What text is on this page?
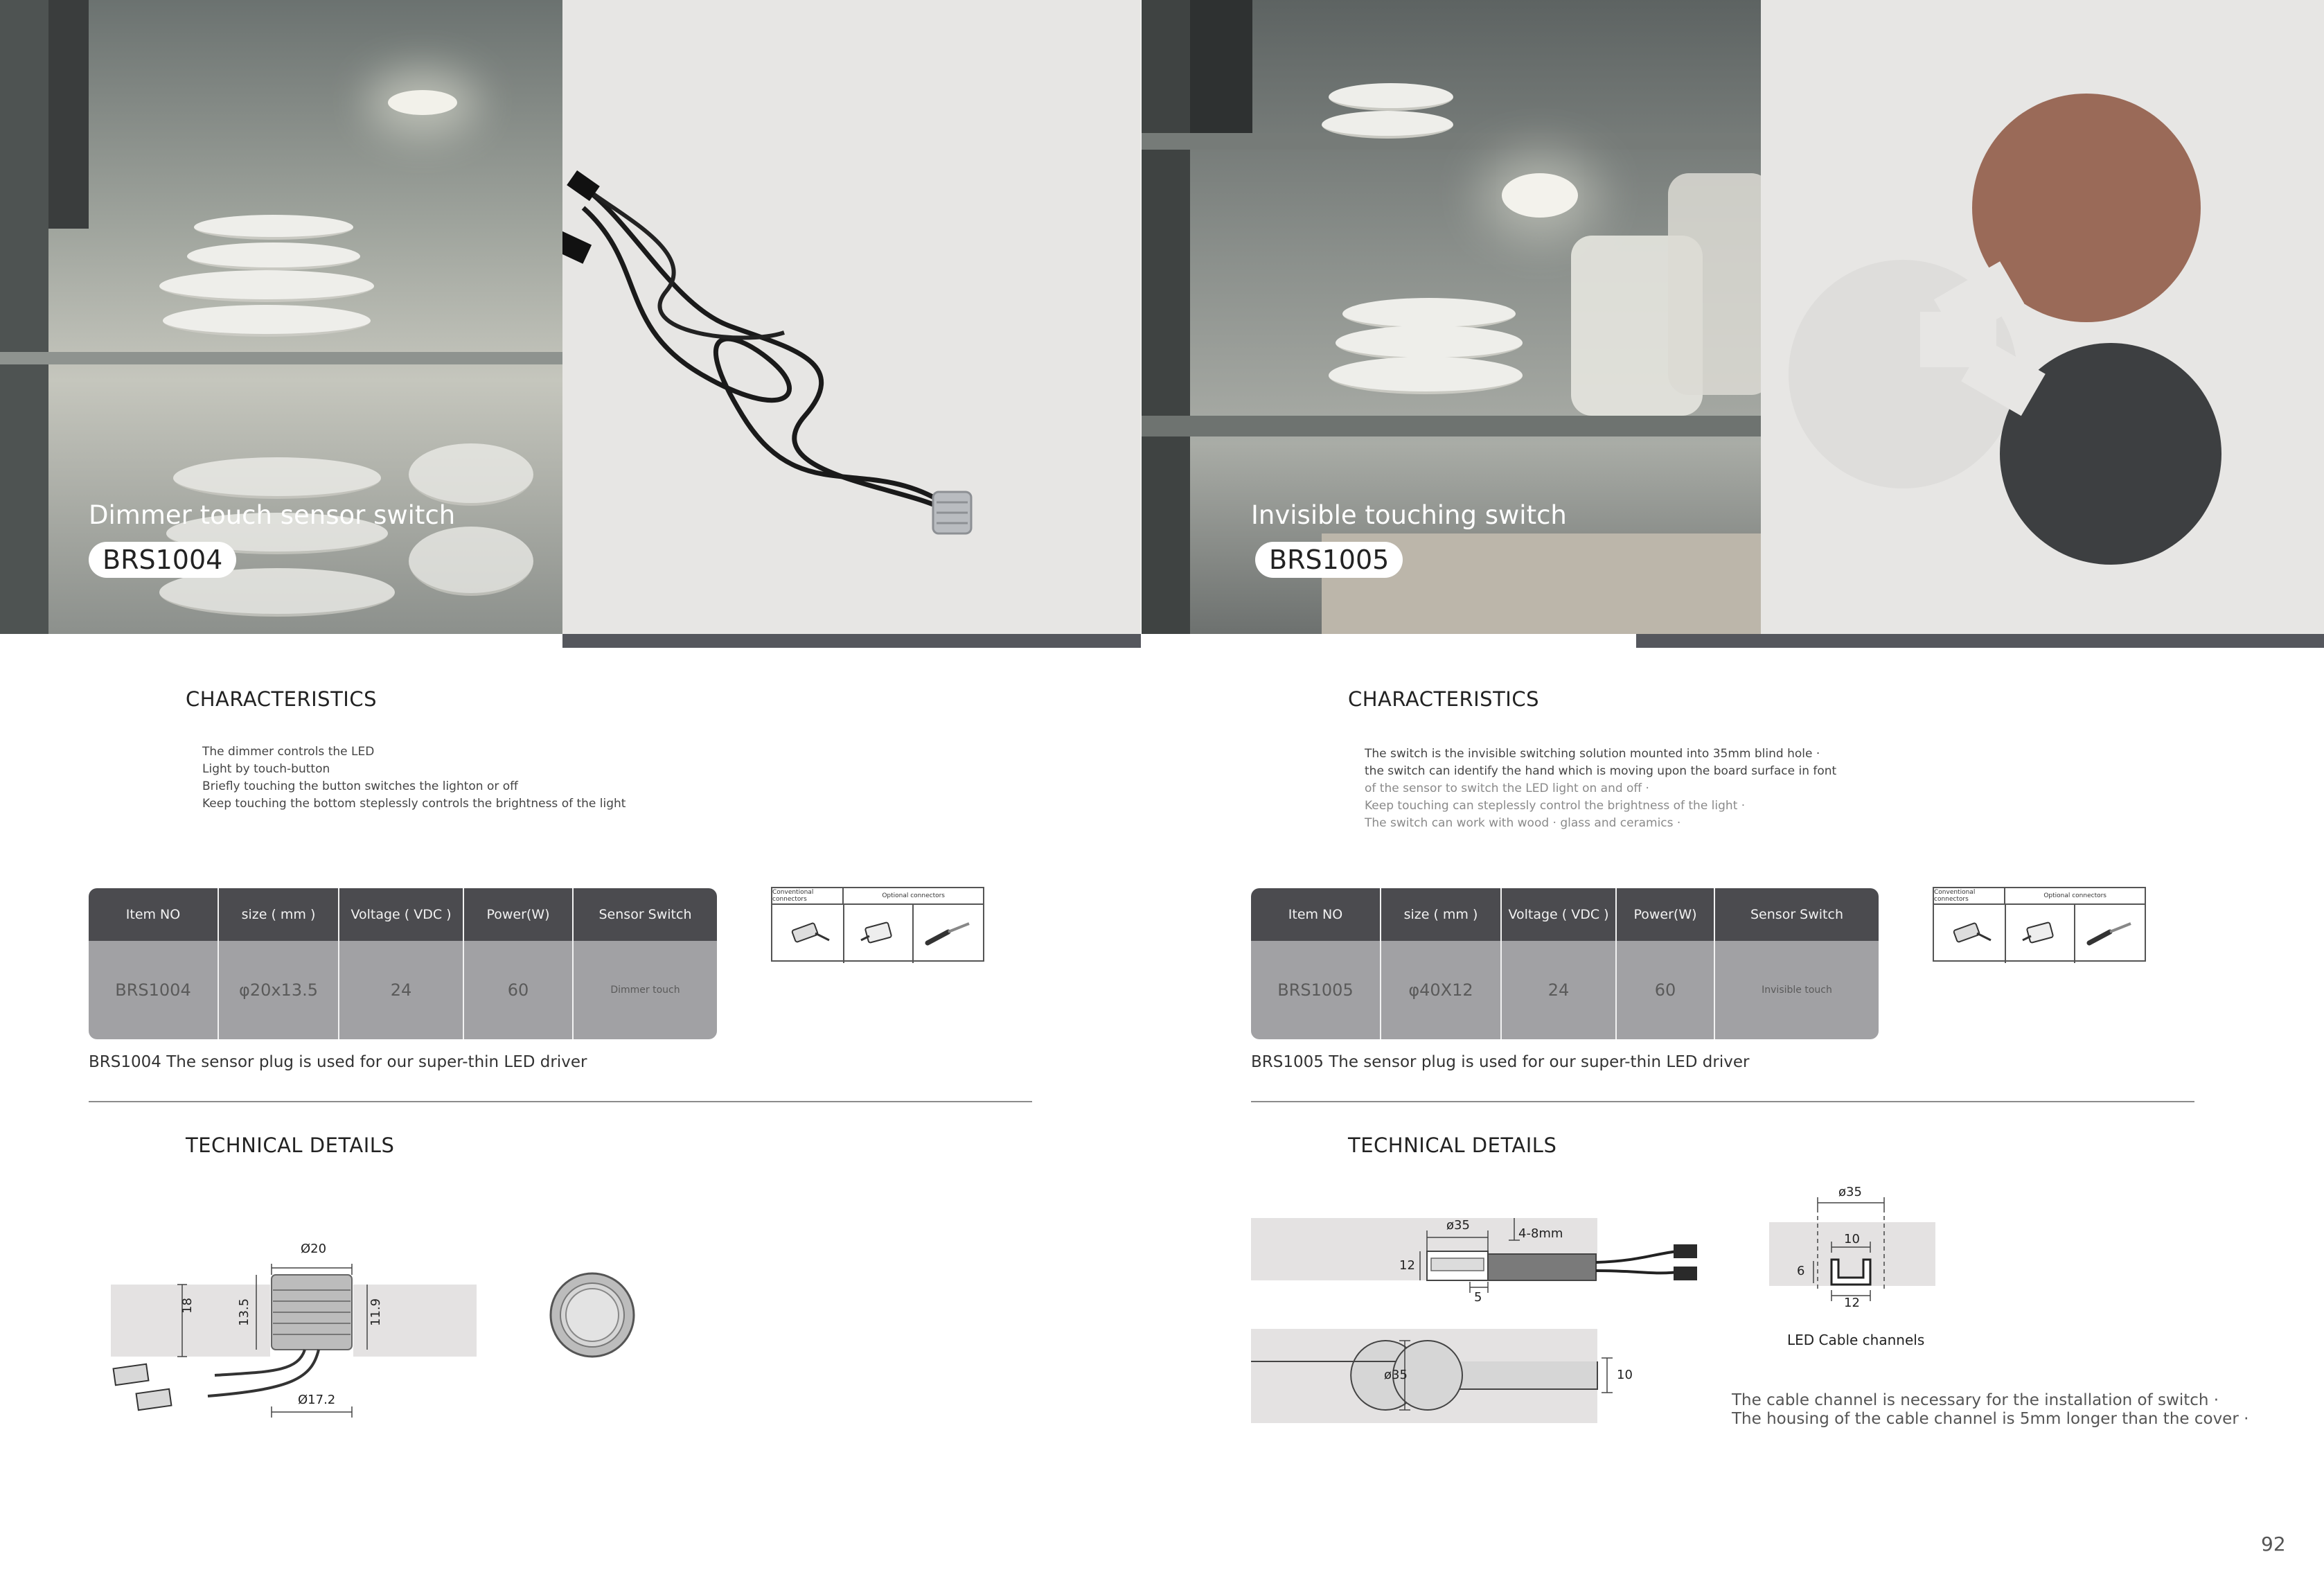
Dimmer touch sensor switch
BRS1004
CHARACTERISTICS
The dimmer controls the LED
Light by touch-button
Briefly touching the button switches the lighton or off
Keep touching the bottom steplessly controls the brightness of the light
Item NO	size ( mm )	Voltage ( VDC )	Power(W)	Sensor Switch
BRS1004	φ20x13.5	24	60	Dimmer touch
Conventional connectors	Optional connectors
BRS1004 The sensor plug is used for our super-thin LED driver
TECHNICAL DETAILS
Ø20
18	13.5	11.9
Ø17.2
Invisible touching switch
BRS1005
CHARACTERISTICS
The switch is the invisible switching solution mounted into 35mm blind hole ·
the switch can identify the hand which is moving upon the board surface in font
of the sensor to switch the LED light on and off ·
Keep touching can steplessly control the brightness of the light ·
The switch can work with wood · glass and ceramics ·
Item NO	size ( mm )	Voltage ( VDC )	Power(W)	Sensor Switch
BRS1005	φ40X12	24	60	Invisible touch
Conventional connectors	Optional connectors
BRS1005 The sensor plug is used for our super-thin LED driver
TECHNICAL DETAILS
ø35
4-8mm
12
5
ø35	10
ø35
10
6
12
LED Cable channels
The cable channel is necessary for the installation of switch ·
The housing of the cable channel is 5mm longer than the cover ·
92
